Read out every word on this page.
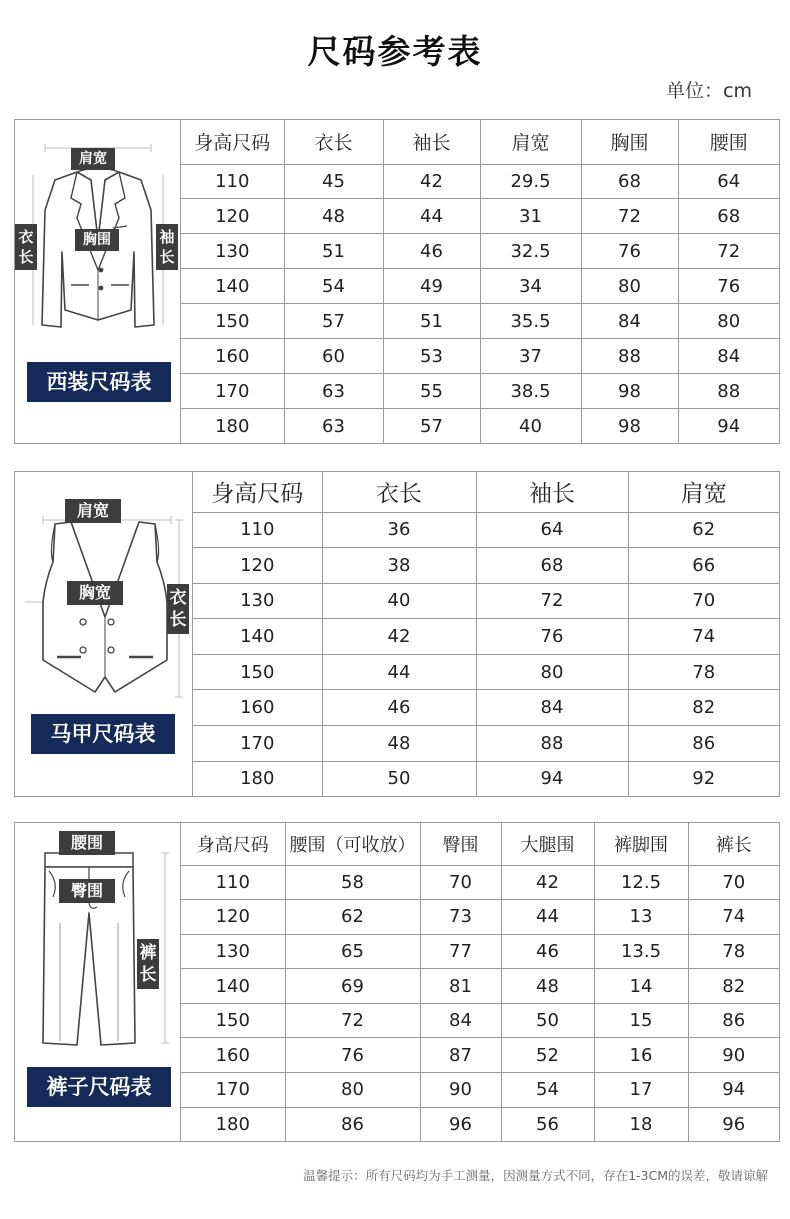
尺码参考表
单位：cm
肩宽
衣长
胸围	袖长
西装尺码表
身高尺码	衣长	袖长	肩宽	胸围	腰围
110	45	42	29.5	68	64
120	48	44	31	72	68
130	51	46	32.5	76	72
140	54	49	34	80	76
150	57	51	35.5	84	80
160	60	53	37	88	84
170	63	55	38.5	98	88
180	63	57	40	98	94
肩宽
胸宽	衣长
马甲尺码表
身高尺码	衣长	袖长	肩宽
110	36	64	62
120	38	68	66
130	40	72	70
140	42	76	74
150	44	80	78
160	46	84	82
170	48	88	86
180	50	94	92
腰围
臀围
裤长
裤子尺码表
身高尺码	腰围（可收放）	臀围	大腿围	裤脚围	裤长
110	58	70	42	12.5	70
120	62	73	44	13	74
130	65	77	46	13.5	78
140	69	81	48	14	82
150	72	84	50	15	86
160	76	87	52	16	90
170	80	90	54	17	94
180	86	96	56	18	96
温馨提示：所有尺码均为手工测量，因测量方式不同，存在1-3CM的误差，敬请谅解
